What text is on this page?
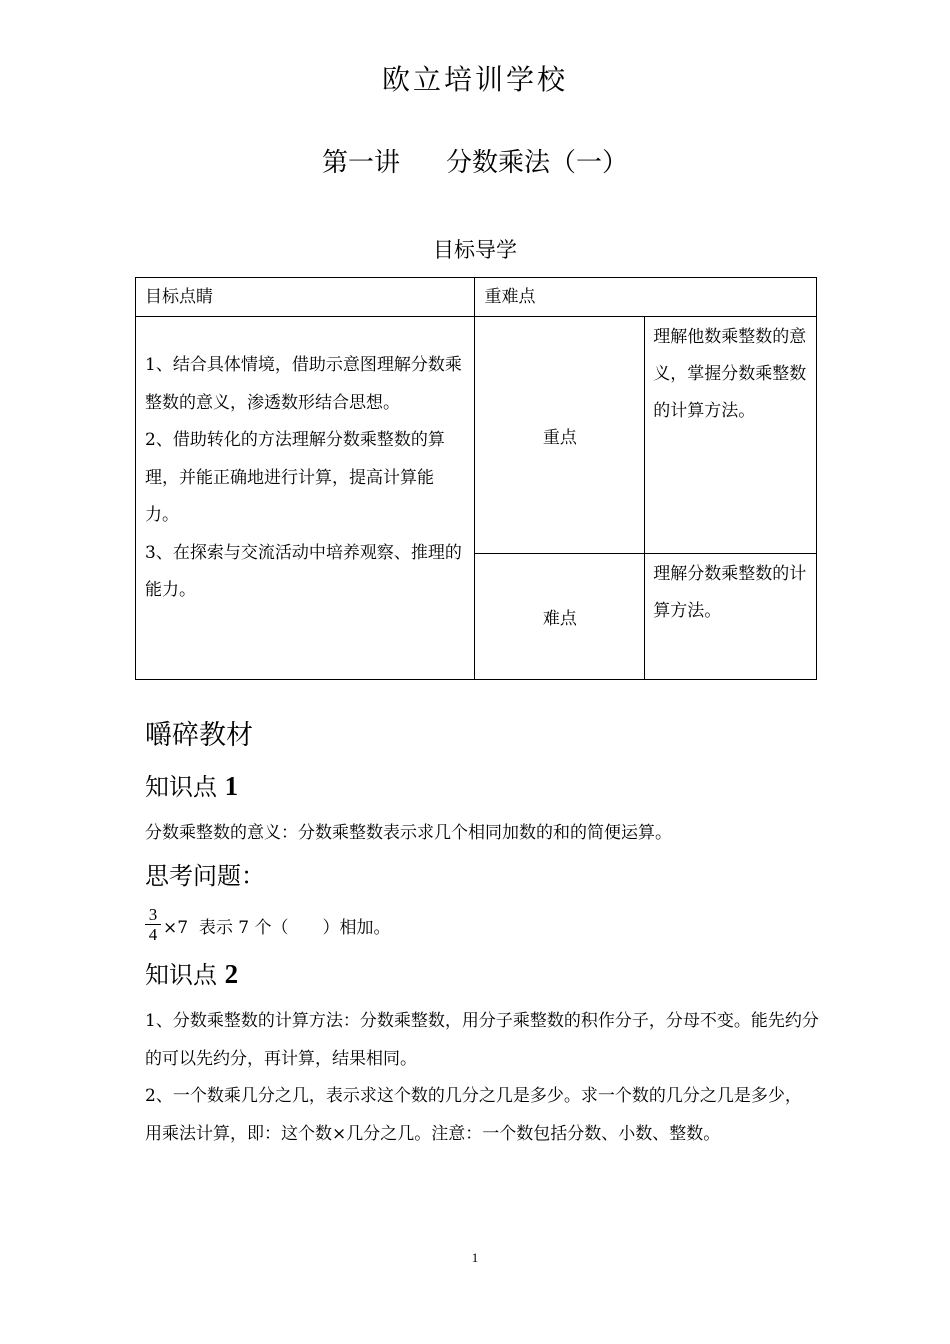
欧立培训学校
第一讲 分数乘法（一）
目标导学
目标点睛	重难点	

1、结合具体情境，借助示意图理解分数乘整数的意义，渗透数形结合思想。

2、借助转化的方法理解分数乘整数的算理，并能正确地进行计算，提高计算能力。

3、在探索与交流活动中培养观察、推理的能力。	重点	理解他数乘整数的意义，掌握分数乘整数的计算方法。
	难点	理解分数乘整数的计算方法。
嚼碎教材
知识点 1
分数乘整数的意义：分数乘整数表示求几个相同加数的和的简便运算。
思考问题：
3
4 ×7  表示 7 个（　　）相加。
知识点 2
1、分数乘整数的计算方法：分数乘整数，用分子乘整数的积作分子，分母不变。能先约分的可以先约分，再计算，结果相同。
2、一个数乘几分之几，表示求这个数的几分之几是多少。求一个数的几分之几是多少，用乘法计算，即：这个数×几分之几。注意：一个数包括分数、小数、整数。
1
